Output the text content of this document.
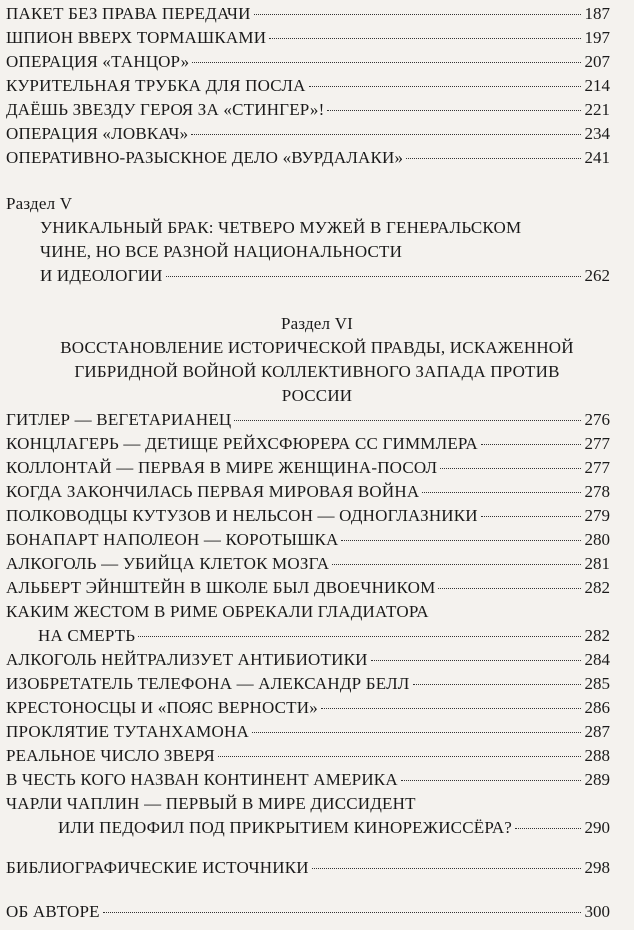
ПАКЕТ БЕЗ ПРАВА ПЕРЕДАЧИ	187
ШПИОН ВВЕРХ ТОРМАШКАМИ	197
ОПЕРАЦИЯ «ТАНЦОР»	207
КУРИТЕЛЬНАЯ ТРУБКА ДЛЯ ПОСЛА	214
ДАЁШЬ ЗВЕЗДУ ГЕРОЯ ЗА «СТИНГЕР»!	221
ОПЕРАЦИЯ «ЛОВКАЧ»	234
ОПЕРАТИВНО-РАЗЫСКНОЕ ДЕЛО «ВУРДАЛАКИ»	241
Раздел V
УНИКАЛЬНЫЙ БРАК: ЧЕТВЕРО МУЖЕЙ В ГЕНЕРАЛЬСКОМ
ЧИНЕ, НО ВСЕ РАЗНОЙ НАЦИОНАЛЬНОСТИ
И ИДЕОЛОГИИ	262
Раздел VI
ВОССТАНОВЛЕНИЕ ИСТОРИЧЕСКОЙ ПРАВДЫ, ИСКАЖЕННОЙ
ГИБРИДНОЙ ВОЙНОЙ КОЛЛЕКТИВНОГО ЗАПАДА ПРОТИВ
РОССИИ
ГИТЛЕР — ВЕГЕТАРИАНЕЦ	276
КОНЦЛАГЕРЬ — ДЕТИЩЕ РЕЙХСФЮРЕРА СС ГИММЛЕРА	277
КОЛЛОНТАЙ — ПЕРВАЯ В МИРЕ ЖЕНЩИНА-ПОСОЛ	277
КОГДА ЗАКОНЧИЛАСЬ ПЕРВАЯ МИРОВАЯ ВОЙНА	278
ПОЛКОВОДЦЫ КУТУЗОВ И НЕЛЬСОН — ОДНОГЛАЗНИКИ	279
БОНАПАРТ НАПОЛЕОН — КОРОТЫШКА	280
АЛКОГОЛЬ — УБИЙЦА КЛЕТОК МОЗГА	281
АЛЬБЕРТ ЭЙНШТЕЙН В ШКОЛЕ БЫЛ ДВОЕЧНИКОМ	282
КАКИМ ЖЕСТОМ В РИМЕ ОБРЕКАЛИ ГЛАДИАТОРА
НА СМЕРТЬ	282
АЛКОГОЛЬ НЕЙТРАЛИЗУЕТ АНТИБИОТИКИ	284
ИЗОБРЕТАТЕЛЬ ТЕЛЕФОНА — АЛЕКСАНДР БЕЛЛ	285
КРЕСТОНОСЦЫ И «ПОЯС ВЕРНОСТИ»	286
ПРОКЛЯТИЕ ТУТАНХАМОНА	287
РЕАЛЬНОЕ ЧИСЛО ЗВЕРЯ	288
В ЧЕСТЬ КОГО НАЗВАН КОНТИНЕНТ АМЕРИКА	289
ЧАРЛИ ЧАПЛИН — ПЕРВЫЙ В МИРЕ ДИССИДЕНТ
ИЛИ ПЕДОФИЛ ПОД ПРИКРЫТИЕМ КИНОРЕЖИССЁРА?	290
БИБЛИОГРАФИЧЕСКИЕ ИСТОЧНИКИ	298
ОБ АВТОРЕ	300
